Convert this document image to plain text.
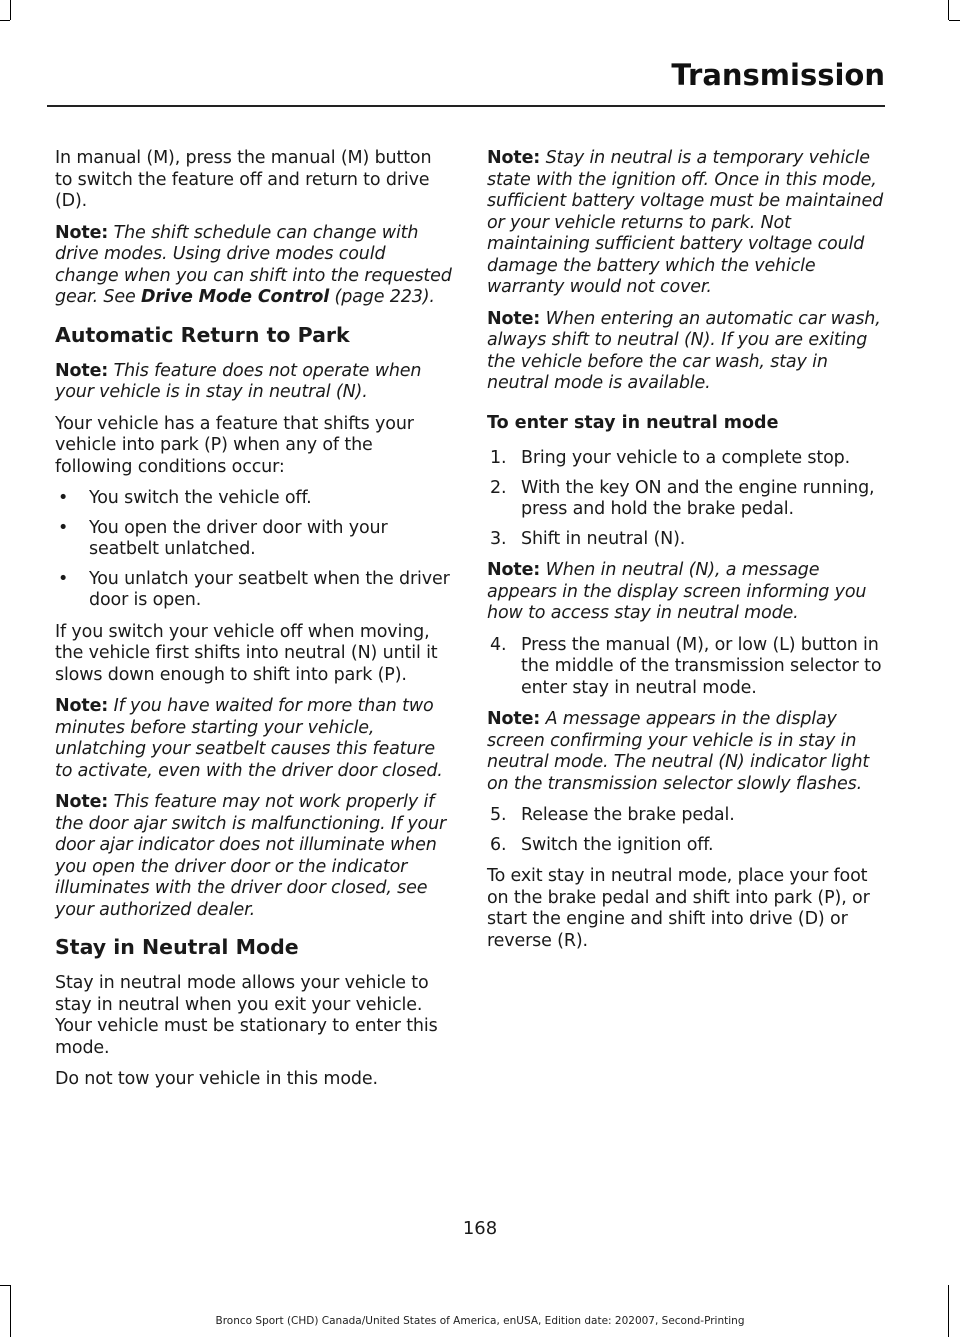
Transmission

In manual (M), press the manual (M) button to switch the feature off and return to drive (D).

Note: The shift schedule can change with drive modes. Using drive modes could change when you can shift into the requested gear. See Drive Mode Control (page 223).

Automatic Return to Park

Note: This feature does not operate when your vehicle is in stay in neutral (N).

Your vehicle has a feature that shifts your vehicle into park (P) when any of the following conditions occur:

• You switch the vehicle off.
• You open the driver door with your seatbelt unlatched.
• You unlatch your seatbelt when the driver door is open.

If you switch your vehicle off when moving, the vehicle first shifts into neutral (N) until it slows down enough to shift into park (P).

Note: If you have waited for more than two minutes before starting your vehicle, unlatching your seatbelt causes this feature to activate, even with the driver door closed.

Note: This feature may not work properly if the door ajar switch is malfunctioning. If your door ajar indicator does not illuminate when you open the driver door or the indicator illuminates with the driver door closed, see your authorized dealer.

Stay in Neutral Mode

Stay in neutral mode allows your vehicle to stay in neutral when you exit your vehicle. Your vehicle must be stationary to enter this mode.

Do not tow your vehicle in this mode.

Note: Stay in neutral is a temporary vehicle state with the ignition off. Once in this mode, sufficient battery voltage must be maintained or your vehicle returns to park. Not maintaining sufficient battery voltage could damage the battery which the vehicle warranty would not cover.

Note: When entering an automatic car wash, always shift to neutral (N). If you are exiting the vehicle before the car wash, stay in neutral mode is available.

To enter stay in neutral mode
1. Bring your vehicle to a complete stop.
2. With the key ON and the engine running, press and hold the brake pedal.
3. Shift in neutral (N).

Note: When in neutral (N), a message appears in the display screen informing you how to access stay in neutral mode.

4. Press the manual (M), or low (L) button in the middle of the transmission selector to enter stay in neutral mode.

Note: A message appears in the display screen confirming your vehicle is in stay in neutral mode. The neutral (N) indicator light on the transmission selector slowly flashes.

5. Release the brake pedal.
6. Switch the ignition off.

To exit stay in neutral mode, place your foot on the brake pedal and shift into park (P), or start the engine and shift into drive (D) or reverse (R).

168
Bronco Sport (CHD) Canada/United States of America, enUSA, Edition date: 202007, Second-Printing
